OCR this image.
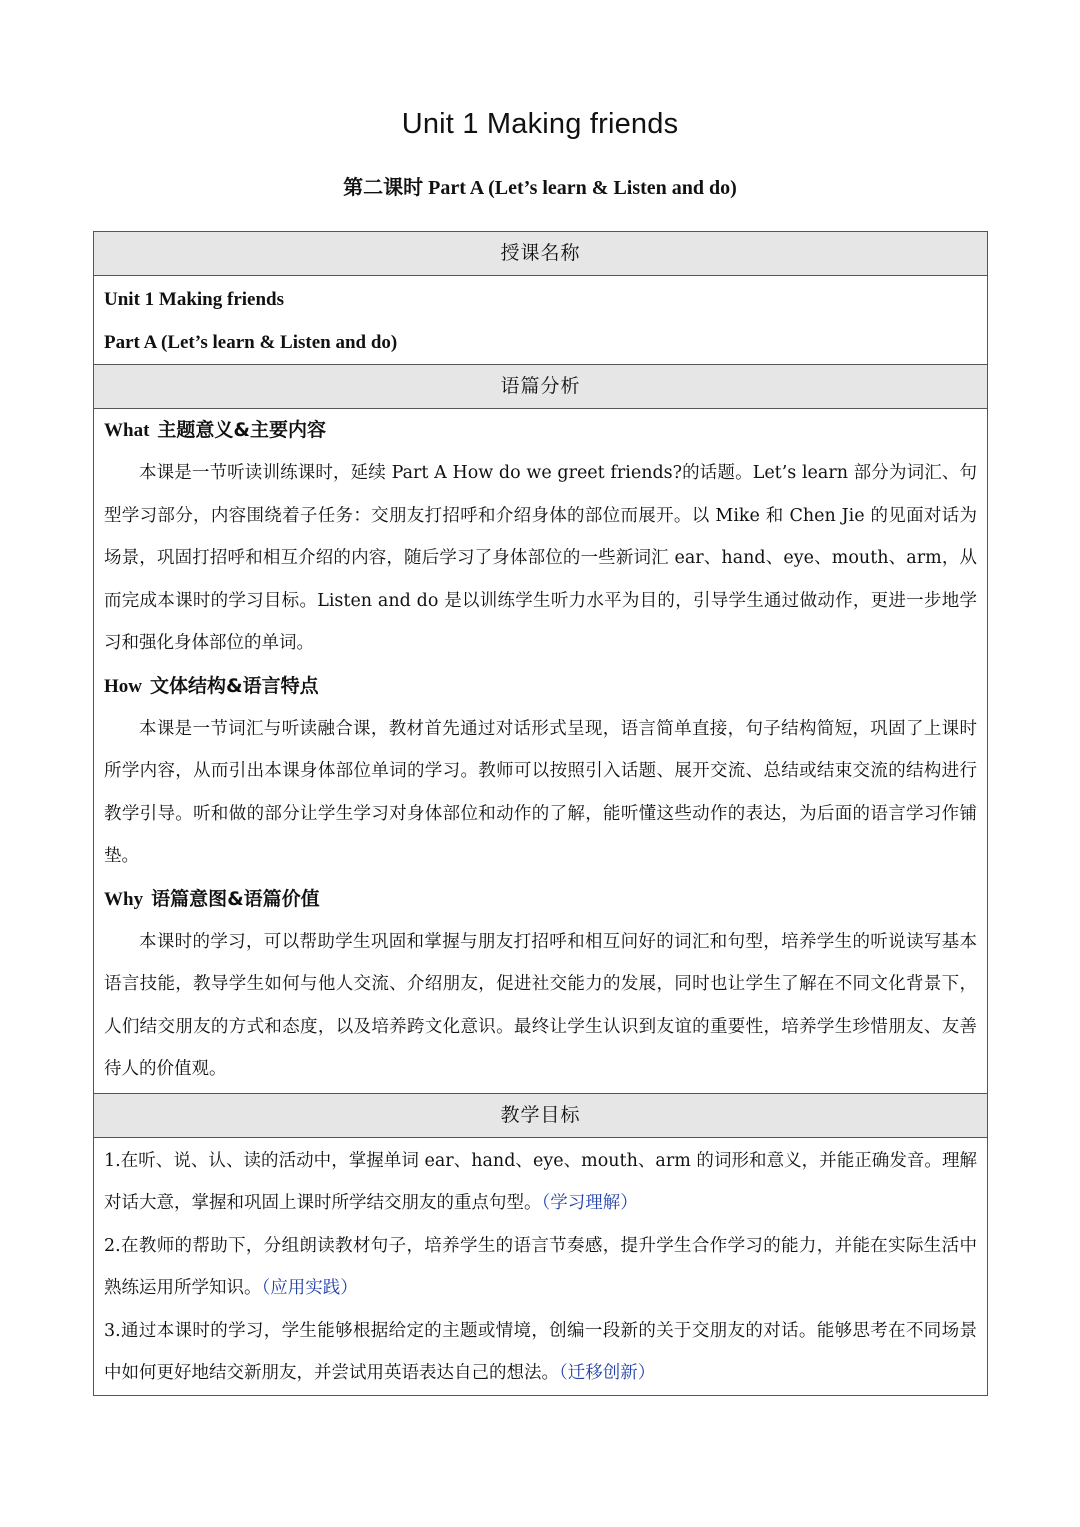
Unit 1 Making friends
第二课时 Part A (Let’s learn & Listen and do)
授课名称

Unit 1 Making friends
Part A (Let’s learn & Listen and do)

语篇分析

What 主题意义&主要内容

本课是一节听读训练课时，延续 Part A How do we greet friends?的话题。Let’s learn 部分为词汇、句型学习部分，内容围绕着子任务：交朋友打招呼和介绍身体的部位而展开。以 Mike 和 Chen Jie 的见面对话为场景，巩固打招呼和相互介绍的内容，随后学习了身体部位的一些新词汇 ear、hand、eye、mouth、arm，从而完成本课时的学习目标。Listen and do 是以训练学生听力水平为目的，引导学生通过做动作，更进一步地学习和强化身体部位的单词。

How 文体结构&语言特点

本课是一节词汇与听读融合课，教材首先通过对话形式呈现，语言简单直接，句子结构简短，巩固了上课时所学内容，从而引出本课身体部位单词的学习。教师可以按照引入话题、展开交流、总结或结束交流的结构进行教学引导。听和做的部分让学生学习对身体部位和动作的了解，能听懂这些动作的表达，为后面的语言学习作铺垫。

Why 语篇意图&语篇价值

本课时的学习，可以帮助学生巩固和掌握与朋友打招呼和相互问好的词汇和句型，培养学生的听说读写基本语言技能，教导学生如何与他人交流、介绍朋友，促进社交能力的发展，同时也让学生了解在不同文化背景下，人们结交朋友的方式和态度，以及培养跨文化意识。最终让学生认识到友谊的重要性，培养学生珍惜朋友、友善待人的价值观。

教学目标

1.在听、说、认、读的活动中，掌握单词 ear、hand、eye、mouth、arm 的词形和意义，并能正确发音。理解对话大意，掌握和巩固上课时所学结交朋友的重点句型。（学习理解）

2.在教师的帮助下，分组朗读教材句子，培养学生的语言节奏感，提升学生合作学习的能力，并能在实际生活中熟练运用所学知识。（应用实践）

3.通过本课时的学习，学生能够根据给定的主题或情境，创编一段新的关于交朋友的对话。能够思考在不同场景中如何更好地结交新朋友，并尝试用英语表达自己的想法。（迁移创新）
